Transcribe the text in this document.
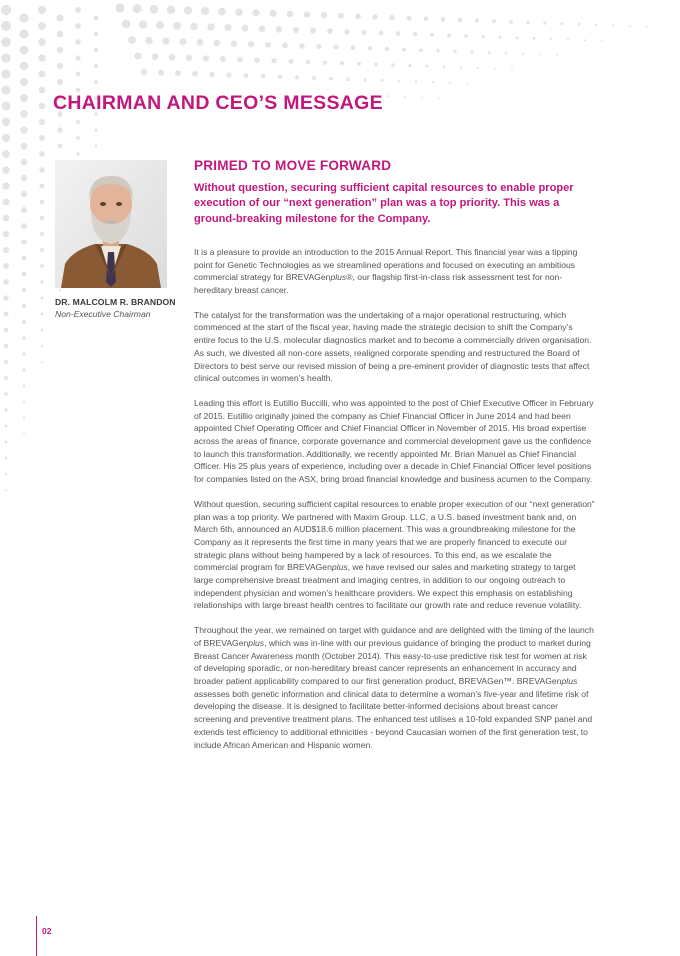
CHAIRMAN AND CEO’S MESSAGE

DR. MALCOLM R. BRANDON

Non-Executive Chairman

PRIMED TO MOVE FORWARD

Without question, securing sufficient capital resources to enable proper execution of our “next generation” plan was a top priority. This was a ground-breaking milestone for the Company.

It is a pleasure to provide an introduction to the 2015 Annual Report. This financial year was a tipping point for Genetic Technologies as we streamlined operations and focused on executing an ambitious commercial strategy for BREVAGenplus®, our flagship first-in-class risk assessment test for non-hereditary breast cancer.

The catalyst for the transformation was the undertaking of a major operational restructuring, which commenced at the start of the fiscal year, having made the strategic decision to shift the Company’s entire focus to the U.S. molecular diagnostics market and to become a commercially driven organisation. As such, we divested all non-core assets, realigned corporate spending and restructured the Board of Directors to best serve our revised mission of being a pre-eminent provider of diagnostic tests that affect clinical outcomes in women’s health.

Leading this effort is Eutillio Buccilli, who was appointed to the post of Chief Executive Officer in February of 2015. Eutillio originally joined the company as Chief Financial Officer in June 2014 and had been appointed Chief Operating Officer and Chief Financial Officer in November of 2015. His broad expertise across the areas of finance, corporate governance and commercial development gave us the confidence to launch this transformation. Additionally, we recently appointed Mr. Brian Manuel as Chief Financial Officer. His 25 plus years of experience, including over a decade in Chief Financial Officer level positions for companies listed on the ASX, bring broad financial knowledge and business acumen to the Company.

Without question, securing sufficient capital resources to enable proper execution of our “next generation” plan was a top priority. We partnered with Maxim Group. LLC, a U.S. based investment bank and, on March 6th, announced an AUD$18.6 million placement. This was a groundbreaking milestone for the Company as it represents the first time in many years that we are properly financed to execute our strategic plans without being hampered by a lack of resources. To this end, as we escalate the commercial program for BREVAGenplus, we have revised our sales and marketing strategy to target large comprehensive breast treatment and imaging centres, in addition to our ongoing outreach to independent physician and women’s healthcare providers. We expect this emphasis on establishing relationships with large breast health centres to facilitate our growth rate and reduce revenue volatility.

Throughout the year, we remained on target with guidance and are delighted with the timing of the launch of BREVAGenplus, which was in-line with our previous guidance of bringing the product to market during Breast Cancer Awareness month (October 2014). This easy-to-use predictive risk test for women at risk of developing sporadic, or non-hereditary breast cancer represents an enhancement in accuracy and broader patient applicability compared to our first generation product, BREVAGen™. BREVAGenplus assesses both genetic information and clinical data to determine a woman’s five-year and lifetime risk of developing the disease. It is designed to facilitate better-informed decisions about breast cancer screening and preventive treatment plans. The enhanced test utilises a 10-fold expanded SNP panel and extends test efficiency to additional ethnicities - beyond Caucasian women of the first generation test, to include African American and Hispanic women.

02
